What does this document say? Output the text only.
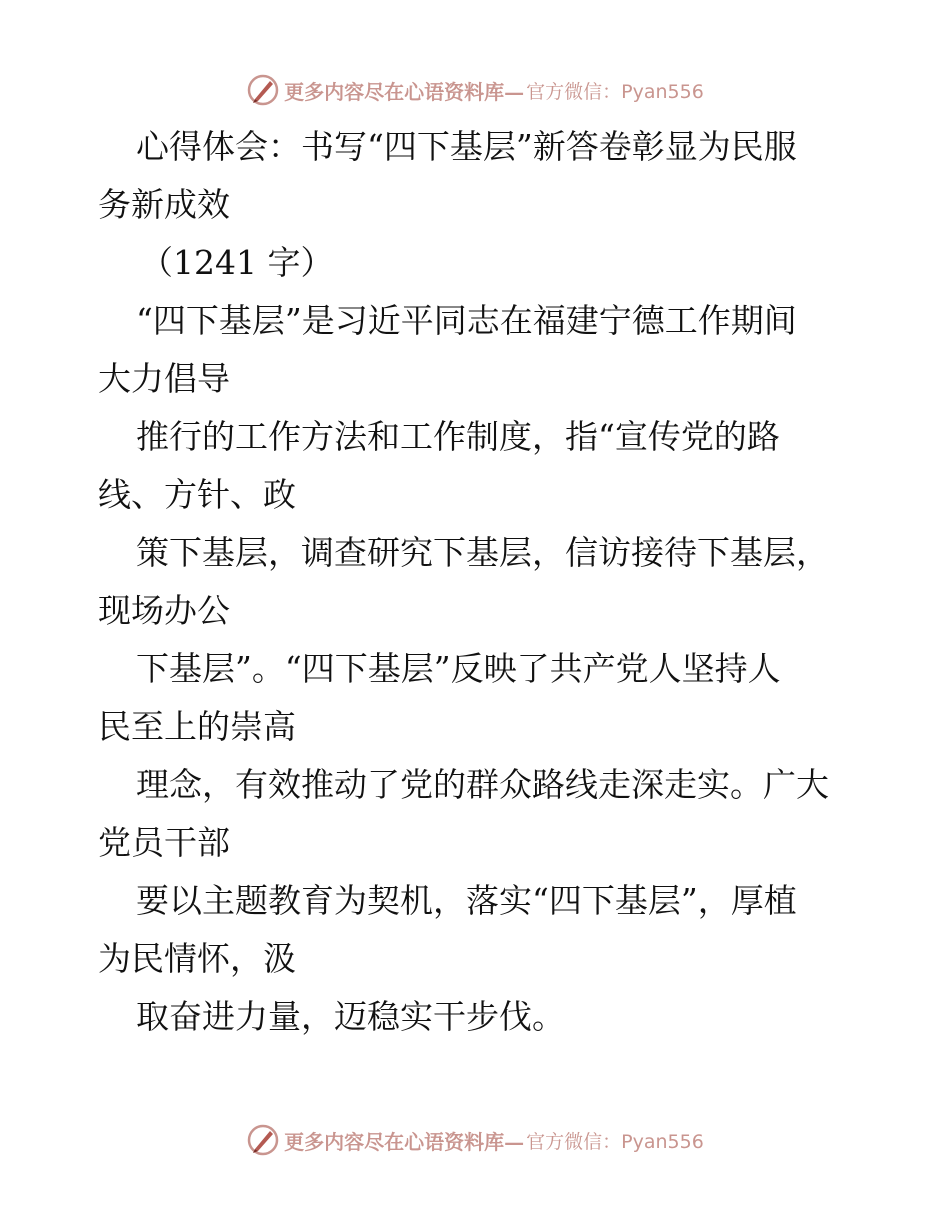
更多内容尽在心语资料库— 官方微信：Pyan556
心得体会：书写“四下基层”新答卷彰显为民服
务新成效
（1241 字）
“四下基层”是习近平同志在福建宁德工作期间
大力倡导
推行的工作方法和工作制度，指“宣传党的路
线、方针、政
策下基层，调查研究下基层，信访接待下基层，
现场办公
下基层”。“四下基层”反映了共产党人坚持人
民至上的崇高
理念，有效推动了党的群众路线走深走实。广大
党员干部
要以主题教育为契机，落实“四下基层”，厚植
为民情怀，汲
取奋进力量，迈稳实干步伐。
更多内容尽在心语资料库— 官方微信：Pyan556
